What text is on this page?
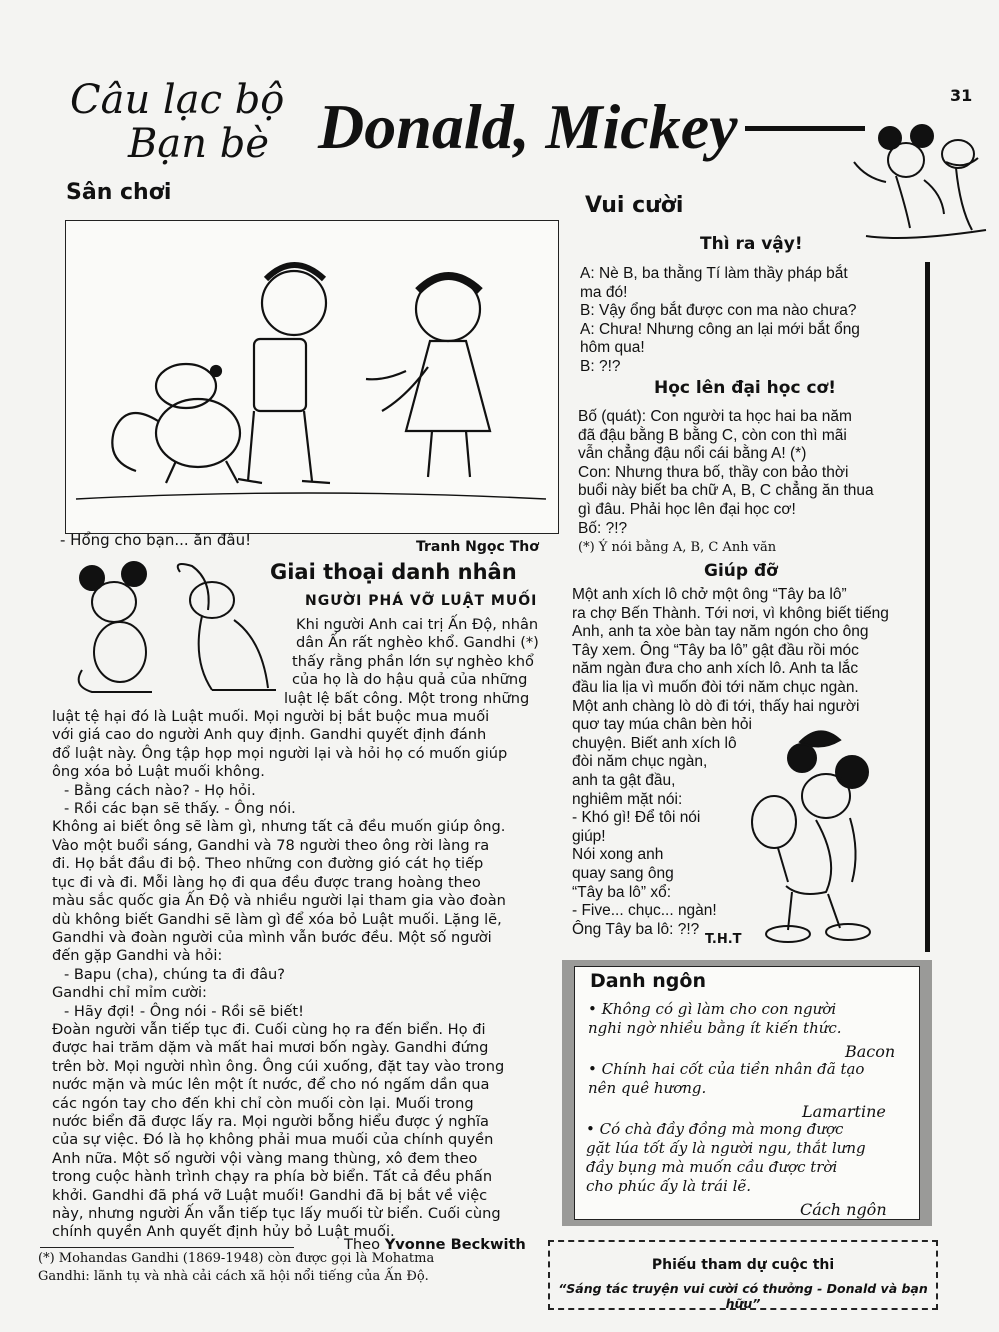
Câu lạc bộ
Bạn bè Donald, Mickey	31
Sân chơi
- Hổng cho bạn... ăn đâu!	Tranh Ngọc Thơ
Giai thoại danh nhân
NGƯỜI PHÁ VỠ LUẬT MUỐI
Khi người Anh cai trị Ấn Độ, nhân
dân Ấn rất nghèo khổ. Gandhi (*)
thấy rằng phần lớn sự nghèo khổ
của họ là do hậu quả của những
luật lệ bất công. Một trong những
luật tệ hại đó là Luật muối. Mọi người bị bắt buộc mua muối
với giá cao do người Anh quy định. Gandhi quyết định đánh
đổ luật này. Ông tập họp mọi người lại và hỏi họ có muốn giúp
ông xóa bỏ Luật muối không.
- Bằng cách nào? - Họ hỏi.
- Rồi các bạn sẽ thấy. - Ông nói.
Không ai biết ông sẽ làm gì, nhưng tất cả đều muốn giúp ông.
Vào một buổi sáng, Gandhi và 78 người theo ông rời làng ra
đi. Họ bắt đầu đi bộ. Theo những con đường gió cát họ tiếp
tục đi và đi. Mỗi làng họ đi qua đều được trang hoàng theo
màu sắc quốc gia Ấn Độ và nhiều người lại tham gia vào đoàn
dù không biết Gandhi sẽ làm gì để xóa bỏ Luật muối. Lặng lẽ,
Gandhi và đoàn người của mình vẫn bước đều. Một số người
đến gặp Gandhi và hỏi:
- Bapu (cha), chúng ta đi đâu?
Gandhi chỉ mỉm cười:
- Hãy đợi! - Ông nói - Rồi sẽ biết!
Đoàn người vẫn tiếp tục đi. Cuối cùng họ ra đến biển. Họ đi
được hai trăm dặm và mất hai mươi bốn ngày. Gandhi đứng
trên bờ. Mọi người nhìn ông. Ông cúi xuống, đặt tay vào trong
nước mặn và múc lên một ít nước, để cho nó ngấm dần qua
các ngón tay cho đến khi chỉ còn muối còn lại. Muối trong
nước biển đã được lấy ra. Mọi người bỗng hiểu được ý nghĩa
của sự việc. Đó là họ không phải mua muối của chính quyền
Anh nữa. Một số người vội vàng mang thùng, xô đem theo
trong cuộc hành trình chạy ra phía bờ biển. Tất cả đều phấn
khởi. Gandhi đã phá vỡ Luật muối! Gandhi đã bị bắt về việc
này, nhưng người Ấn vẫn tiếp tục lấy muối từ biển. Cuối cùng
chính quyền Anh quyết định hủy bỏ Luật muối.
Theo Yvonne Beckwith
(*) Mohandas Gandhi (1869-1948) còn được gọi là Mohatma
Gandhi: lãnh tụ và nhà cải cách xã hội nổi tiếng của Ấn Độ.
Vui cười
Thì ra vậy!
A: Nè B, ba thằng Tí làm thầy pháp bắt
ma đó!
B: Vậy ổng bắt được con ma nào chưa?
A: Chưa! Nhưng công an lại mới bắt ổng
hôm qua!
B: ?!?
Học lên đại học cơ!
Bố (quát): Con người ta học hai ba năm
đã đậu bằng B bằng C, còn con thì mãi
vẫn chẳng đậu nổi cái bằng A! (*)
Con: Nhưng thưa bố, thầy con bảo thời
buổi này biết ba chữ A, B, C chẳng ăn thua
gì đâu. Phải học lên đại học cơ!
Bố: ?!?
(*) Ý nói bằng A, B, C Anh văn
Giúp đỡ
Một anh xích lô chở một ông “Tây ba lô”
ra chợ Bến Thành. Tới nơi, vì không biết tiếng
Anh, anh ta xòe bàn tay năm ngón cho ông
Tây xem. Ông “Tây ba lô” gật đầu rồi móc
năm ngàn đưa cho anh xích lô. Anh ta lắc
đầu lia lịa vì muốn đòi tới năm chục ngàn.
Một anh chàng lò dò đi tới, thấy hai người
quơ tay múa chân bèn hỏi
chuyện. Biết anh xích lô
đòi năm chục ngàn,
anh ta gật đầu,
nghiêm mặt nói:
- Khó gì! Để tôi nói
giúp!
Nói xong anh
quay sang ông
“Tây ba lô” xổ:
- Five... chục... ngàn!
Ông Tây ba lô: ?!?
T.H.T
Danh ngôn
• Không có gì làm cho con người
nghi ngờ nhiều bằng ít kiến thức.
Bacon
• Chính hai cốt của tiền nhân đã tạo
nên quê hương.
Lamartine
• Có chà đầy đồng mà mong được
gặt lúa tốt ấy là người ngu, thắt lưng
đầy bụng mà muốn cầu được trời
cho phúc ấy là trái lẽ.
Cách ngôn
Phiếu tham dự cuộc thi
“Sáng tác truyện vui cười có thưởng - Donald và bạn hữu”
